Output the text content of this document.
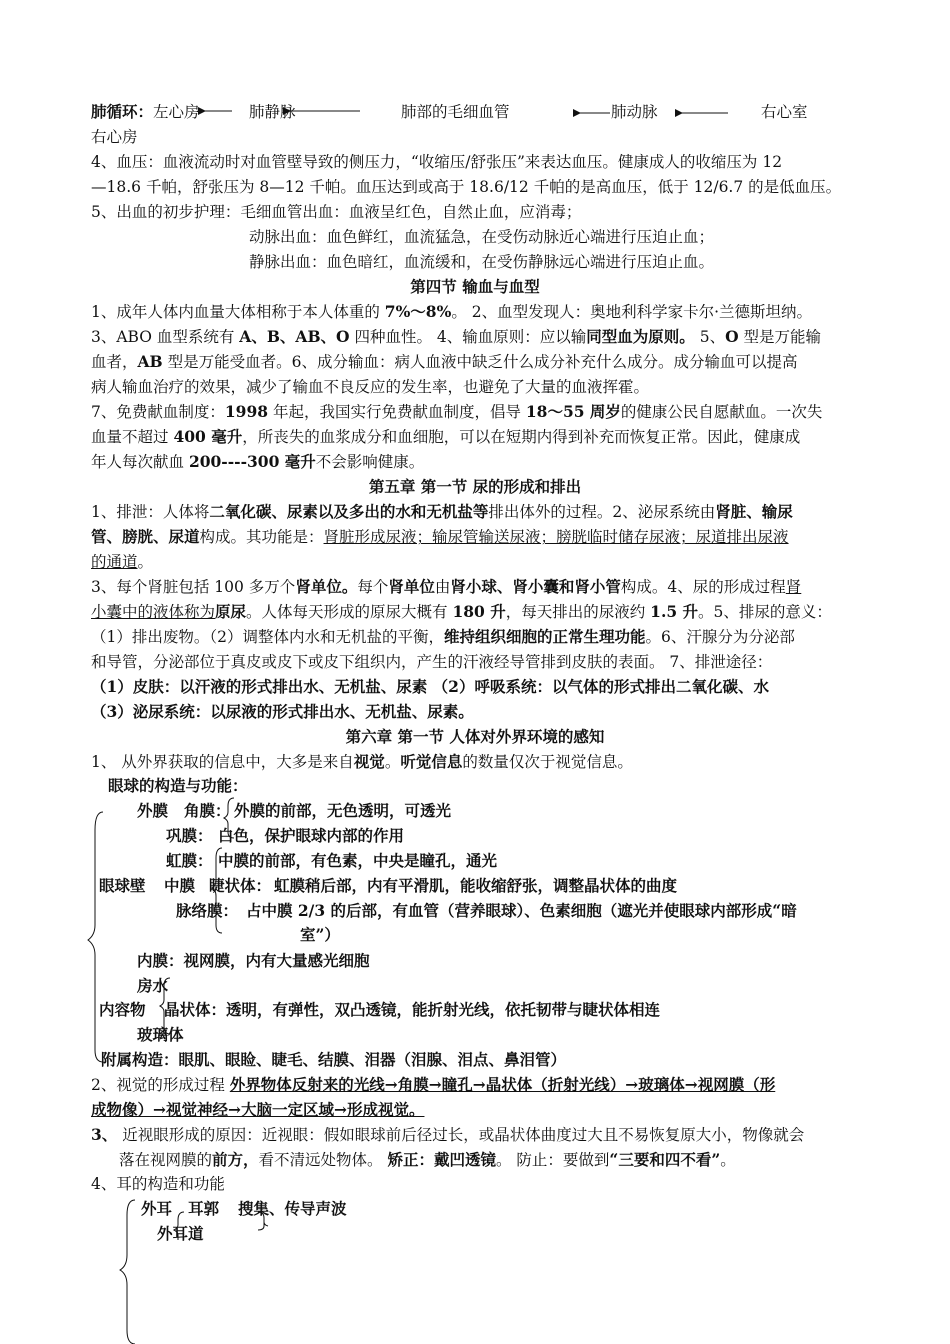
肺循环：左心房	肺静脉	肺部的毛细血管	肺动脉	右心室
右心房
4、血压：血液流动时对血管壁导致的侧压力，“收缩压/舒张压”来表达血压。健康成人的收缩压为 12
—18.6 千帕，舒张压为 8—12 千帕。血压达到或高于 18.6/12 千帕的是高血压，低于 12/6.7 的是低血压。
5、出血的初步护理：毛细血管出血：血液呈红色，自然止血，应消毒；
动脉出血：血色鲜红，血流猛急，在受伤动脉近心端进行压迫止血；
静脉出血：血色暗红，血流缓和，在受伤静脉远心端进行压迫止血。
第四节 输血与血型
1、成年人体内血量大体相称于本人体重的 7%～8%。 2、血型发现人：奥地利科学家卡尔·兰德斯坦纳。
3、ABO 血型系统有 A、B、AB、O 四种血性。 4、输血原则：应以输同型血为原则。 5、O 型是万能输
血者，AB 型是万能受血者。6、成分输血：病人血液中缺乏什么成分补充什么成分。成分输血可以提高
病人输血治疗的效果，减少了输血不良反应的发生率，也避免了大量的血液挥霍。
7、免费献血制度：1998 年起，我国实行免费献血制度，倡导 18～55 周岁的健康公民自愿献血。一次失
血量不超过 400 毫升，所丧失的血浆成分和血细胞，可以在短期内得到补充而恢复正常。因此，健康成
年人每次献血 200----300 毫升不会影响健康。
第五章 第一节 尿的形成和排出
1、排泄：人体将二氧化碳、尿素以及多出的水和无机盐等排出体外的过程。2、泌尿系统由肾脏、输尿
管、膀胱、尿道构成。其功能是：肾脏形成尿液；输尿管输送尿液；膀胱临时储存尿液；尿道排出尿液
的通道。
3、每个肾脏包括 100 多万个肾单位。每个肾单位由肾小球、肾小囊和肾小管构成。4、尿的形成过程肾
小囊中的液体称为原尿。人体每天形成的原尿大概有 180 升，每天排出的尿液约 1.5 升。5、排尿的意义：
（1）排出废物。（2）调整体内水和无机盐的平衡，维持组织细胞的正常生理功能。6、汗腺分为分泌部
和导管，分泌部位于真皮或皮下或皮下组织内，产生的汗液经导管排到皮肤的表面。 7、排泄途径：
（1）皮肤：以汗液的形式排出水、无机盐、尿素 （2）呼吸系统：以气体的形式排出二氧化碳、水
（3）泌尿系统：以尿液的形式排出水、无机盐、尿素。
第六章 第一节 人体对外界环境的感知
1、 从外界获取的信息中，大多是来自视觉。听觉信息的数量仅次于视觉信息。
眼球的构造与功能：
外膜 角膜： 外膜的前部，无色透明，可透光
巩膜： 白色，保护眼球内部的作用
虹膜： 中膜的前部，有色素，中央是瞳孔，通光
眼球壁 中膜 睫状体： 虹膜稍后部，内有平滑肌，能收缩舒张，调整晶状体的曲度
脉络膜： 占中膜 2/3 的后部，有血管（营养眼球）、色素细胞（遮光并使眼球内部形成“暗
室”）
内膜：视网膜，内有大量感光细胞
房水
内容物 晶状体：透明，有弹性，双凸透镜，能折射光线，依托韧带与睫状体相连
玻璃体
附属构造：眼肌、眼睑、睫毛、结膜、泪器（泪腺、泪点、鼻泪管）
2、视觉的形成过程 外界物体反射来的光线→角膜→瞳孔→晶状体（折射光线）→玻璃体→视网膜（形
成物像）→视觉神经→大脑一定区域→形成视觉。
3、 近视眼形成的原因：近视眼：假如眼球前后径过长，或晶状体曲度过大且不易恢复原大小，物像就会
落在视网膜的前方，看不清远处物体。 矫正：戴凹透镜。 防止：要做到“三要和四不看”。
4、耳的构造和功能
外耳 耳郭 搜集、传导声波
外耳道
